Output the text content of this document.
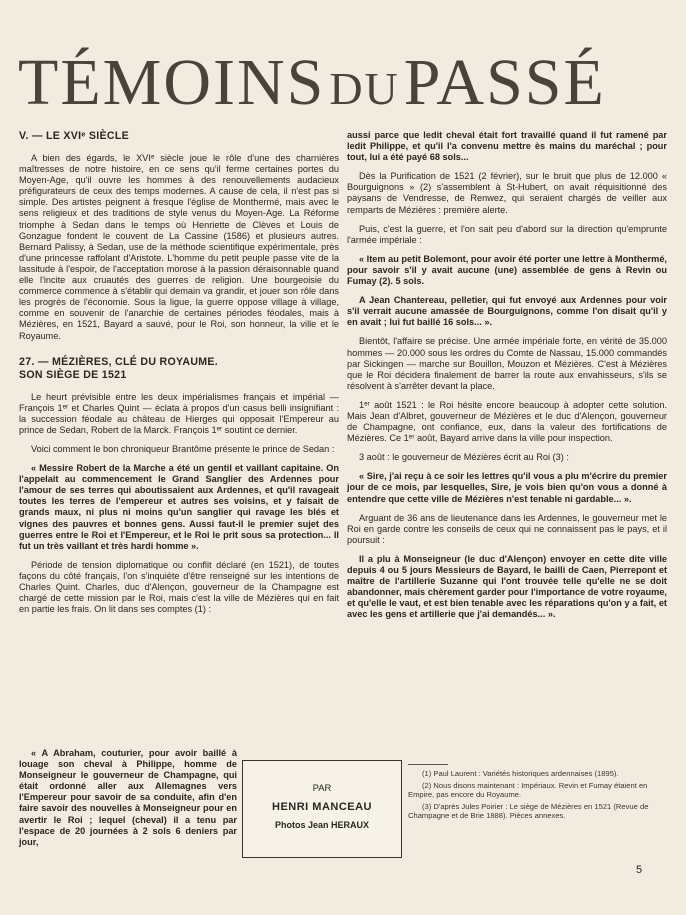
TÉMOINS DU PASSÉ
V. — LE XVIᵉ SIÈCLE

A bien des égards, le XVIᵉ siècle joue le rôle d'une des charnières maîtresses de notre histoire, en ce sens qu'il ferme certaines portes du Moyen-Age, qu'il ouvre les hommes à des renouvellements audacieux préfigurateurs de ceux des temps modernes. A cause de cela, il n'est pas si simple. Des artistes peignent à fresque l'église de Monthermé, mais avec le sens religieux et des traditions de style venus du Moyen-Age. La Réforme triomphe à Sedan dans le temps où Henriette de Clèves et Louis de Gonzague fondent le couvent de La Cassine (1586) et plusieurs autres. Bernard Palissy, à Sedan, use de la méthode scientifique expérimentale, près d'une princesse raffolant d'Aristote. L'homme du petit peuple passe vite de la lassitude à l'espoir, de l'acceptation morose à la passion déraisonnable quand elle l'incite aux cruautés des guerres de religion. Une bourgeoisie du commerce commence à s'établir qui demain va grandir, et jouer son rôle dans les progrès de l'économie. Sous la ligue, la guerre oppose village à village, comme en souvenir de l'anarchie de certaines périodes féodales, mais à Mézières, en 1521, Bayard a sauvé, pour le Roi, son honneur, la ville et le Royaume.

27. — MÉZIÈRES, CLÉ DU ROYAUME.
SON SIÈGE DE 1521

Le heurt prévisible entre les deux impérialismes français et impérial — François 1ᵉʳ et Charles Quint — éclata à propos d'un casus belli insignifiant : la succession féodale au château de Hierges qui opposait l'Empereur au prince de Sedan, Robert de la Marck. François 1ᵉʳ soutint ce dernier.

Voici comment le bon chroniqueur Brantôme présente le prince de Sedan :

« Messire Robert de la Marche a été un gentil et vaillant capitaine. On l'appelait au commencement le Grand Sanglier des Ardennes pour l'amour de ses terres qui aboutissaient aux Ardennes, et qu'il ravageait toutes les terres de l'empereur et autres ses voisins, et y faisait de grands maux, ni plus ni moins qu'un sanglier qui ravage les blés et vignes des pauvres et bonnes gens. Aussi faut-il le premier sujet des guerres entre le Roi et l'Empereur, et le Roi le prit sous sa protection... Il fut un très vaillant et très hardi homme ».

Période de tension diplomatique ou conflit déclaré (en 1521), de toutes façons du côté français, l'on s'inquiète d'être renseigné sur les intentions de Charles Quint. Charles, duc d'Alençon, gouverneur de la Champagne est chargé de cette mission par le Roi, mais c'est la ville de Mézières qui en fait en partie les frais. On lit dans ses comptes (1) :

« A Abraham, couturier, pour avoir baillé à louage son cheval à Philippe, homme de Monseigneur le gouverneur de Champagne, qui était ordonné aller aux Allemagnes vers l'Empereur pour savoir de sa conduite, afin d'en faire savoir des nouvelles à Monseigneur pour en avertir le Roi ; lequel (cheval) il a tenu par l'espace de 20 journées à 2 sols 6 deniers par jour,

PAR
HENRI MANCEAU
Photos Jean HERAUX

aussi parce que ledit cheval était fort travaillé quand il fut ramené par ledit Philippe, et qu'il l'a convenu mettre ès mains du maréchal ; pour tout, lui a été payé 68 sols...

Dès la Purification de 1521 (2 février), sur le bruit que plus de 12.000 « Bourguignons » (2) s'assemblent à St-Hubert, on avait réquisitionné des paysans de Vendresse, de Renwez, qui seraient chargés de veiller aux remparts de Mézières : première alerte.

Puis, c'est la guerre, et l'on sait peu d'abord sur la direction qu'emprunte l'armée impériale :

« Item au petit Bolemont, pour avoir été porter une lettre à Monthermé, pour savoir s'il y avait aucune (une) assemblée de gens à Revin ou Fumay (2). 5 sols.

A Jean Chantereau, pelletier, qui fut envoyé aux Ardennes pour voir s'il verrait aucune amassée de Bourguignons, comme l'on disait qu'il y en avait ; lui fut baillé 16 sols... ».

Bientôt, l'affaire se précise. Une armée impériale forte, en vérité de 35.000 hommes — 20.000 sous les ordres du Comte de Nassau, 15.000 commandés par Sickingen — marche sur Bouillon, Mouzon et Mézières. C'est à Mézières que le Roi décidera finalement de barrer la route aux envahisseurs, s'ils se résolvent à s'arrêter devant la place.

1ᵉʳ août 1521 : le Roi hésite encore beaucoup à adopter cette solution. Mais Jean d'Albret, gouverneur de Mézières et le duc d'Alençon, gouverneur de Champagne, ont confiance, eux, dans la valeur des fortifications de Mézières. Ce 1ᵉʳ août, Bayard arrive dans la ville pour inspection.

3 août : le gouverneur de Mézières écrit au Roi (3) :

« Sire, j'ai reçu à ce soir les lettres qu'il vous a plu m'écrire du premier jour de ce mois, par lesquelles, Sire, je vois bien qu'on vous a donné à entendre que cette ville de Mézières n'est tenable ni gardable... ».

Arguant de 36 ans de lieutenance dans les Ardennes, le gouverneur met le Roi en garde contre les conseils de ceux qui ne connaissent pas le pays, et il poursuit :

Il a plu à Monseigneur (le duc d'Alençon) envoyer en cette dite ville depuis 4 ou 5 jours Messieurs de Bayard, le bailli de Caen, Pierrepont et maître de l'artillerie Suzanne qui l'ont trouvée telle qu'elle ne se doit abandonner, mais chèrement garder pour l'importance de votre royaume, et qu'elle le vaut, et est bien tenable avec les réparations qu'on y a fait, et avec les gens et artillerie que j'ai demandés... ».

(1) Paul Laurent : Variétés historiques ardennaises (1895).

(2) Nous disons maintenant : Impériaux. Revin et Fumay étaient en Empire, pas encore du Royaume.

(3) D'après Jules Poirier : Le siège de Mézières en 1521 (Revue de Champagne et de Brie 1888). Pièces annexes.

5
